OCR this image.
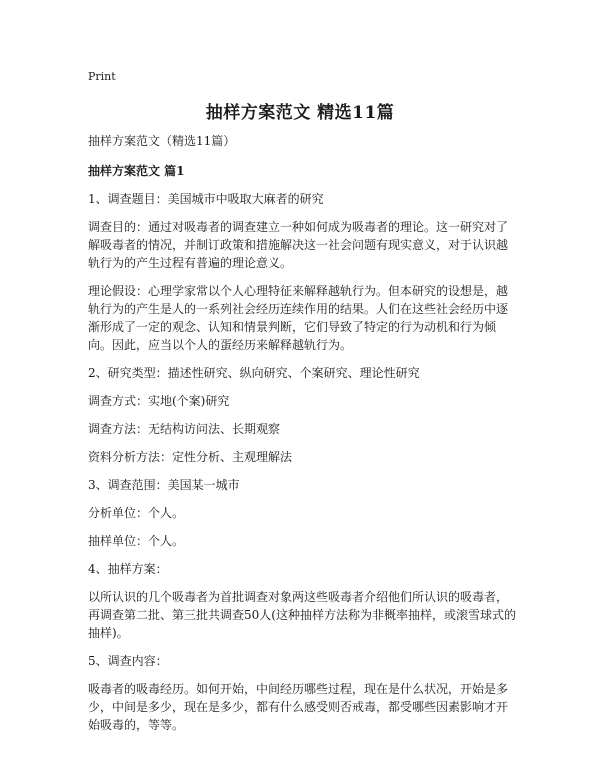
Print
抽样方案范文 精选11篇

抽样方案范文（精选11篇）

抽样方案范文 篇1

1、调查题目：美国城市中吸取大麻者的研究

调查目的：通过对吸毒者的调查建立一种如何成为吸毒者的理论。这一研究对了解吸毒者的情况，并制订政策和措施解决这一社会问题有现实意义，对于认识越轨行为的产生过程有普遍的理论意义。

理论假设：心理学家常以个人心理特征来解释越轨行为。但本研究的设想是，越轨行为的产生是人的一系列社会经历连续作用的结果。人们在这些社会经历中逐渐形成了一定的观念、认知和情景判断，它们导致了特定的行为动机和行为倾向。因此，应当以个人的蛋经历来解释越轨行为。

2、研究类型：描述性研究、纵向研究、个案研究、理论性研究

调查方式：实地(个案)研究

调查方法：无结构访问法、长期观察

资料分析方法：定性分析、主观理解法

3、调查范围：美国某一城市

分析单位：个人。

抽样单位：个人。

4、抽样方案：

以所认识的几个吸毒者为首批调查对象两这些吸毒者介绍他们所认识的吸毒者，再调查第二批、第三批共调查50人(这种抽样方法称为非概率抽样，或滚雪球式的抽样)。

5、调查内容：

吸毒者的吸毒经历。如何开始，中间经历哪些过程，现在是什么状况，开始是多少，中间是多少，现在是多少，都有什么感受则否戒毒，都受哪些因素影响才开始吸毒的，等等。
